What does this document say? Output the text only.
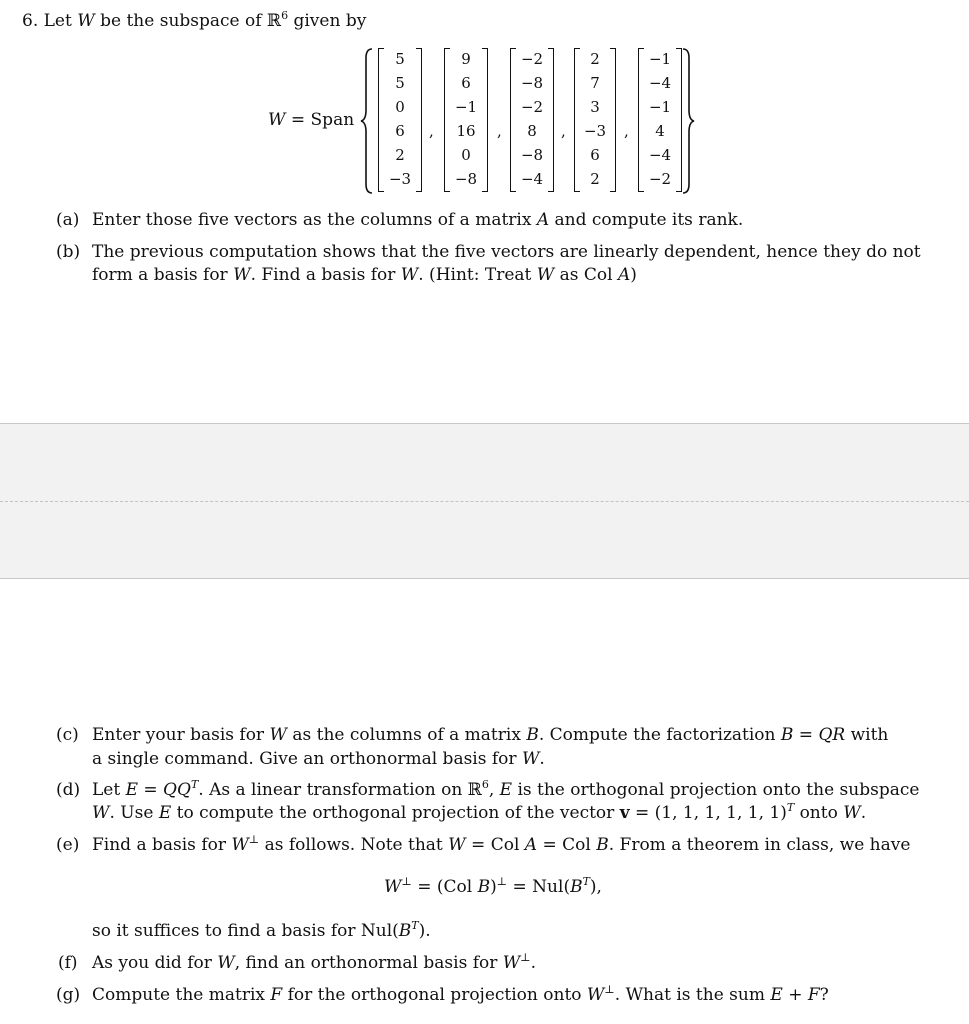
6. Let W be the subspace of ℝ$^6$ given by
W = Span
5
5
0
6
2
−3
,
9
6
−1
16
0
−8
,
−2
−8
−2
8
−8
−4
,
2
7
3
−3
6
2
,
−1
−4
−1
4
−4
−2
(a) Enter those five vectors as the columns of a matrix A and compute its rank.
(b) The previous computation shows that the five vectors are linearly dependent, hence they do not
form a basis for W. Find a basis for W. (Hint: Treat W as Col A)
(c) Enter your basis for W as the columns of a matrix B. Compute the factorization B = QR with
a single command. Give an orthonormal basis for W.
(d) Let $E = QQ^T$. As a linear transformation on ℝ$^6$, E is the orthogonal projection onto the subspace
W. Use E to compute the orthogonal projection of the vector v = (1, 1, 1, 1, 1, 1)$^T$ onto W.
(e) Find a basis for W⊥ as follows. Note that W = Col A = Col B. From a theorem in class, we have
W⊥ = (Col $B)^\perp = Nul(B^T)$,
so it suffices to find a basis for $Nul(B^T)$.
(f) As you did for W, find an orthonormal basis for W⊥.
(g) Compute the matrix F for the orthogonal projection onto W⊥. What is the sum E + F?
